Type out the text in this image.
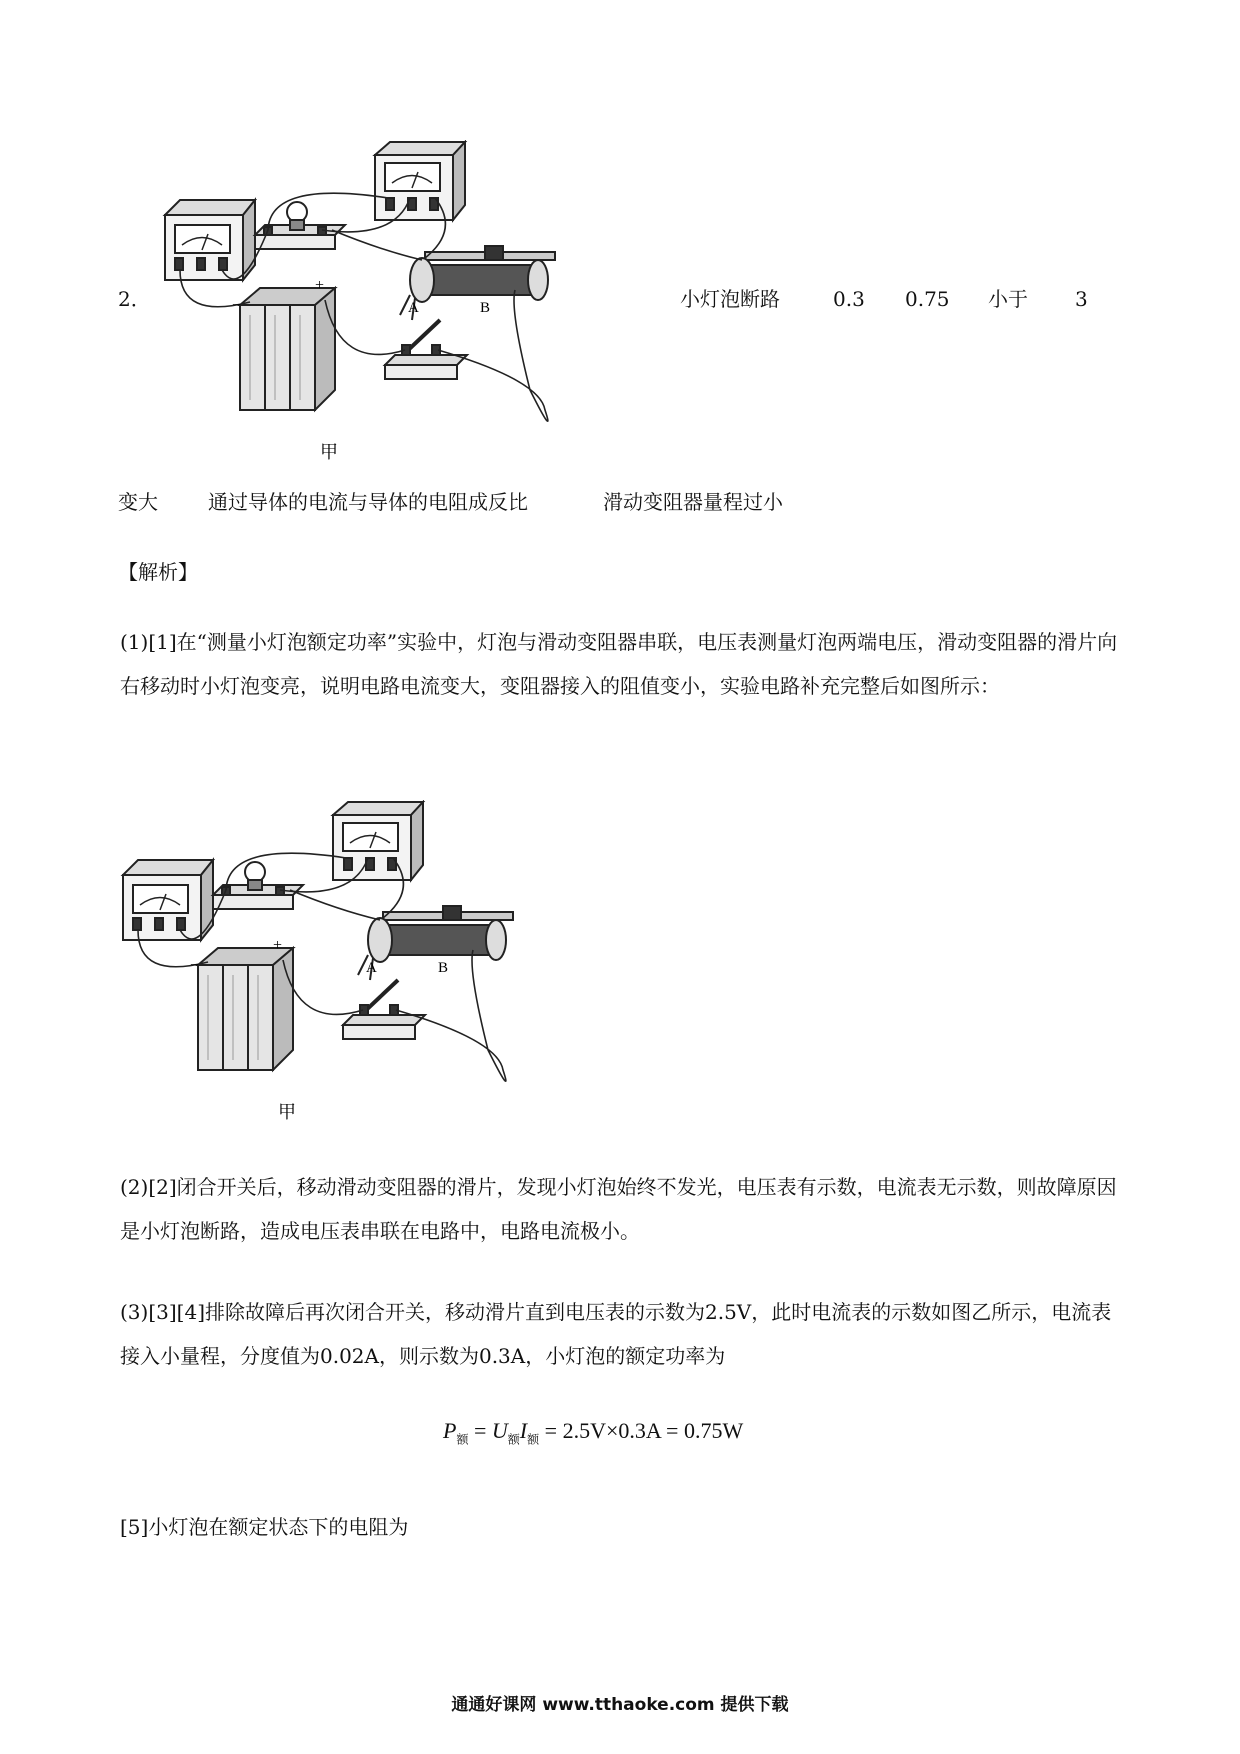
2．	A	B
−
+
甲
小灯泡断路	0.3 0.75 小于 3
变大	通过导体的电流与导体的电阻成反比	滑动变阻器量程过小
【解析】
(1)[1]在“测量小灯泡额定功率”实验中，灯泡与滑动变阻器串联，电压表测量灯泡两端电压，滑动变阻器的滑片向右移动时小灯泡变亮，说明电路电流变大，变阻器接入的阻值变小，实验电路补充完整后如图所示：
A	B
−
+
甲
(2)[2]闭合开关后，移动滑动变阻器的滑片，发现小灯泡始终不发光，电压表有示数，电流表无示数，则故障原因是小灯泡断路，造成电压表串联在电路中，电路电流极小。
(3)[3][4]排除故障后再次闭合开关，移动滑片直到电压表的示数为2.5V，此时电流表的示数如图乙所示，电流表接入小量程，分度值为0.02A，则示数为0.3A，小灯泡的额定功率为
$P_额 = U_额I_额 = 2.5V\times 0.3A = 0.75W$
[5]小灯泡在额定状态下的电阻为
通通好课网 www.tthaoke.com 提供下载
